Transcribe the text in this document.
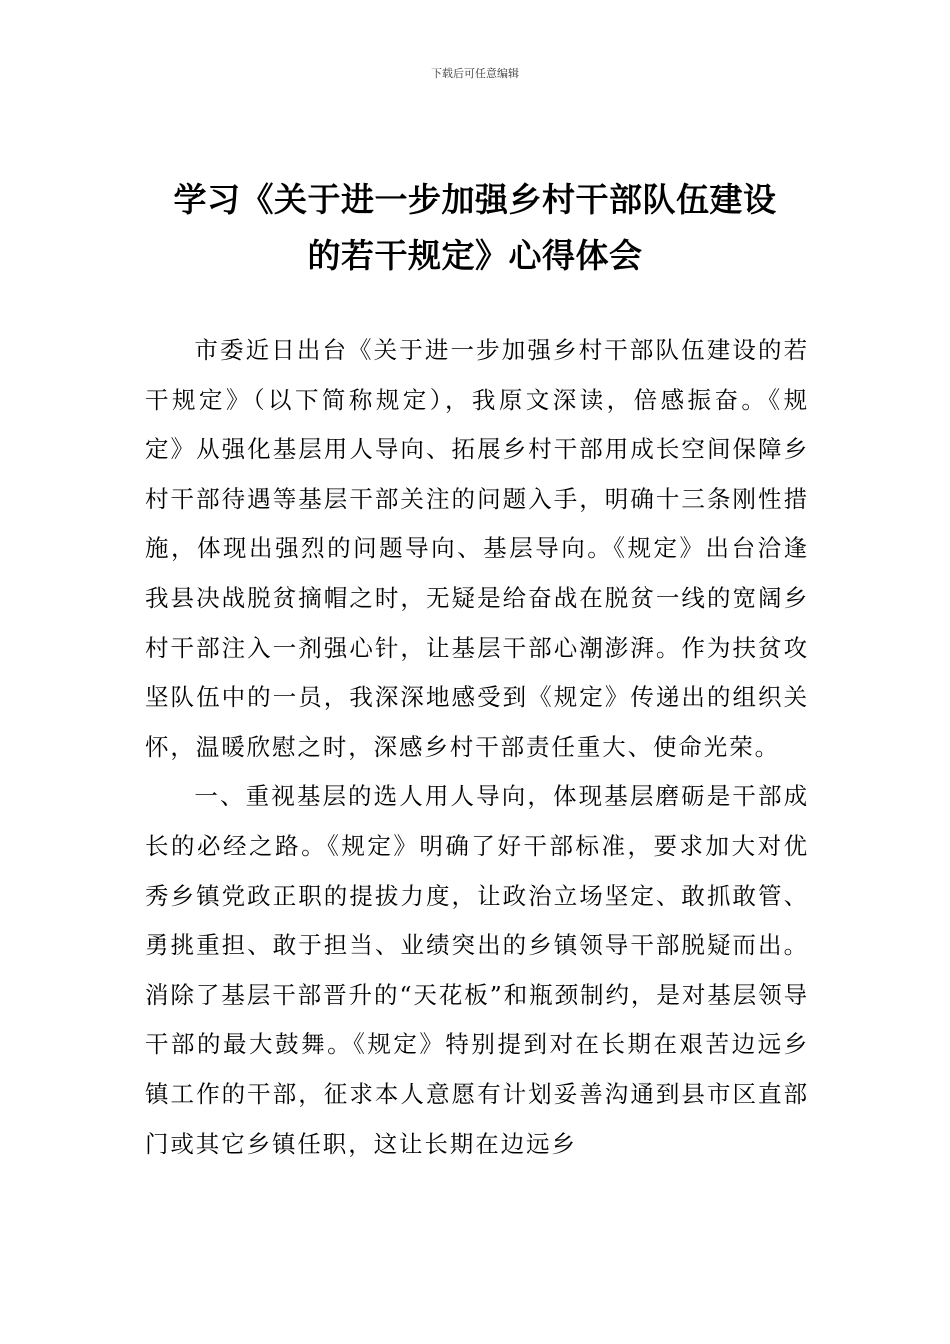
下载后可任意编辑
学习《关于进一步加强乡村干部队伍建设
的若干规定》心得体会

市委近日出台《关于进一步加强乡村干部队伍建设的若干规定》（以下简称规定），我原文深读，倍感振奋。《规定》从强化基层用人导向、拓展乡村干部用成长空间保障乡村干部待遇等基层干部关注的问题入手，明确十三条刚性措施，体现出强烈的问题导向、基层导向。《规定》出台洽逢我县决战脱贫摘帽之时，无疑是给奋战在脱贫一线的宽阔乡村干部注入一剂强心针，让基层干部心潮澎湃。作为扶贫攻坚队伍中的一员，我深深地感受到《规定》传递出的组织关怀，温暖欣慰之时，深感乡村干部责任重大、使命光荣。

一、重视基层的选人用人导向，体现基层磨砺是干部成长的必经之路。《规定》明确了好干部标准，要求加大对优秀乡镇党政正职的提拔力度，让政治立场坚定、敢抓敢管、勇挑重担、敢于担当、业绩突出的乡镇领导干部脱疑而出。消除了基层干部晋升的“天花板”和瓶颈制约，是对基层领导干部的最大鼓舞。《规定》特别提到对在长期在艰苦边远乡镇工作的干部，征求本人意愿有计划妥善沟通到县市区直部门或其它乡镇任职，这让长期在边远乡
